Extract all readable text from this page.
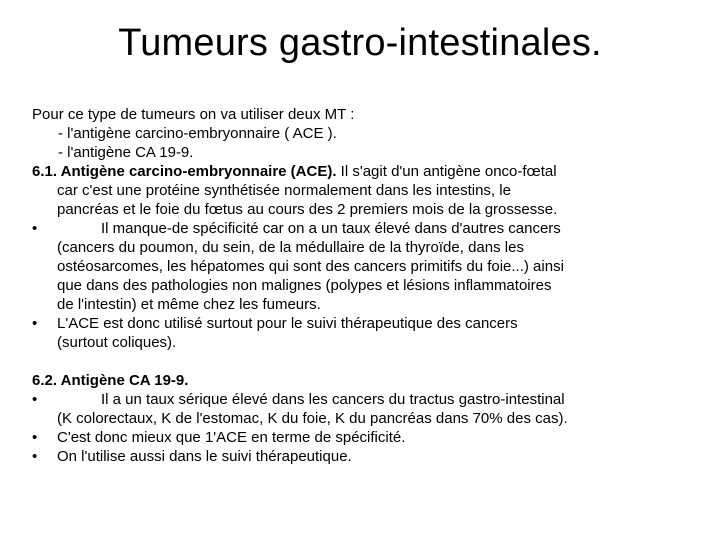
Tumeurs gastro-intestinales.
Pour ce type de tumeurs on va utiliser deux MT :
- l'antigène carcino-embryonnaire ( ACE ).
- l'antigène CA 19-9.
6.1. Antigène carcino-embryonnaire (ACE). Il s'agit d'un antigène onco-fœtal
car c'est une protéine synthétisée normalement dans les intestins, le
pancréas et le foie du fœtus au cours des 2 premiers mois de la grossesse.
•	Il manque-de spécificité car on a un taux élevé dans d'autres cancers
(cancers du poumon, du sein, de la médullaire de la thyroïde, dans les
ostéosarcomes, les hépatomes qui sont des cancers primitifs du foie...) ainsi
que dans des pathologies non malignes (polypes et lésions inflammatoires
de l'intestin) et même chez les fumeurs.
•	L'ACE est donc utilisé surtout pour le suivi thérapeutique des cancers
(surtout coliques).
6.2. Antigène CA 19-9.
•	Il a un taux sérique élevé dans les cancers du tractus gastro-intestinal
(K colorectaux, K de l'estomac, K du foie, K du pancréas dans 70% des cas).
•	C'est donc mieux que 1'ACE en terme de spécificité.
•	On l'utilise aussi dans le suivi thérapeutique.
